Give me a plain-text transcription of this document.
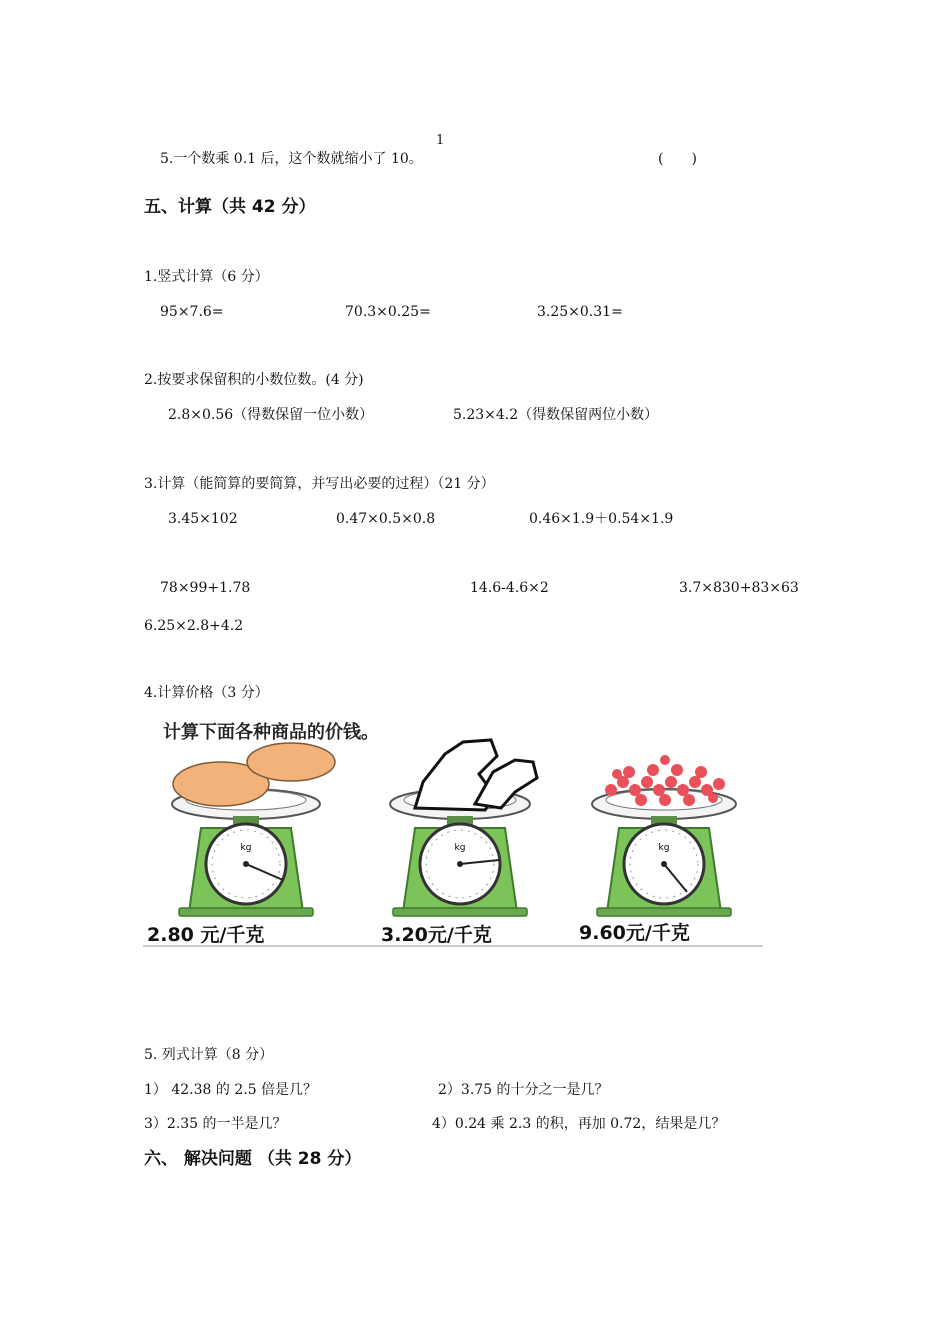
1
5.一个数乘 0.1 后，这个数就缩小了 10。	(　　)
五、计算（共 42 分）
1.竖式计算（6 分）
95×7.6=	70.3×0.25=	3.25×0.31=
2.按要求保留积的小数位数。(4 分)
2.8×0.56（得数保留一位小数）	5.23×4.2（得数保留两位小数）
3.计算（能简算的要简算，并写出必要的过程）（21 分）
3.45×102	0.47×0.5×0.8	0.46×1.9＋0.54×1.9
78×99+1.78	14.6-4.6×2	3.7×830+83×63
6.25×2.8+4.2
4.计算价格（3 分）
计算下面各种商品的价钱。
kg	kg	kg
2.80 元/千克	3.20元/千克	9.60元/千克
5. 列式计算（8 分）
1） 42.38 的 2.5 倍是几？	2）3.75 的十分之一是几？
3）2.35 的一半是几？	4）0.24 乘 2.3 的积，再加 0.72，结果是几？
六、 解决问题 （共 28 分）
